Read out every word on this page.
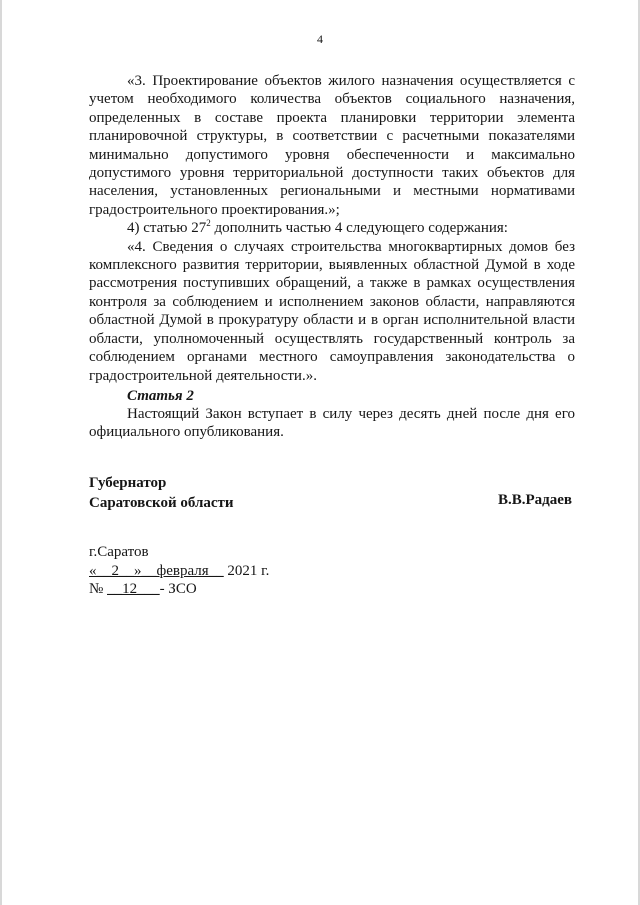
4

«3. Проектирование объектов жилого назначения осуществляется с учетом необходимого количества объектов социального назначения, определенных в составе проекта планировки территории элемента планировочной структуры, в соответствии с расчетными показателями минимально допустимого уровня обеспеченности и максимально допустимого уровня территориальной доступности таких объектов для населения, установленных региональными и местными нормативами градостроительного проектирования.»;

4) статью $27^2$ дополнить частью 4 следующего содержания:

«4. Сведения о случаях строительства многоквартирных домов без комплексного развития территории, выявленных областной Думой в ходе рассмотрения поступивших обращений, а также в рамках осуществления контроля за соблюдением и исполнением законов области, направляются областной Думой в прокуратуру области и в орган исполнительной власти области, уполномоченный осуществлять государственный контроль за соблюдением органами местного самоуправления законодательства о градостроительной деятельности.».

Статья 2

Настоящий Закон вступает в силу через десять дней после дня его официального опубликования.

Губернатор
Саратовской области	В.В.Радаев
г.Саратов
«__2__»__февраля__ 2021 г.
№ __12___- ЗСО
